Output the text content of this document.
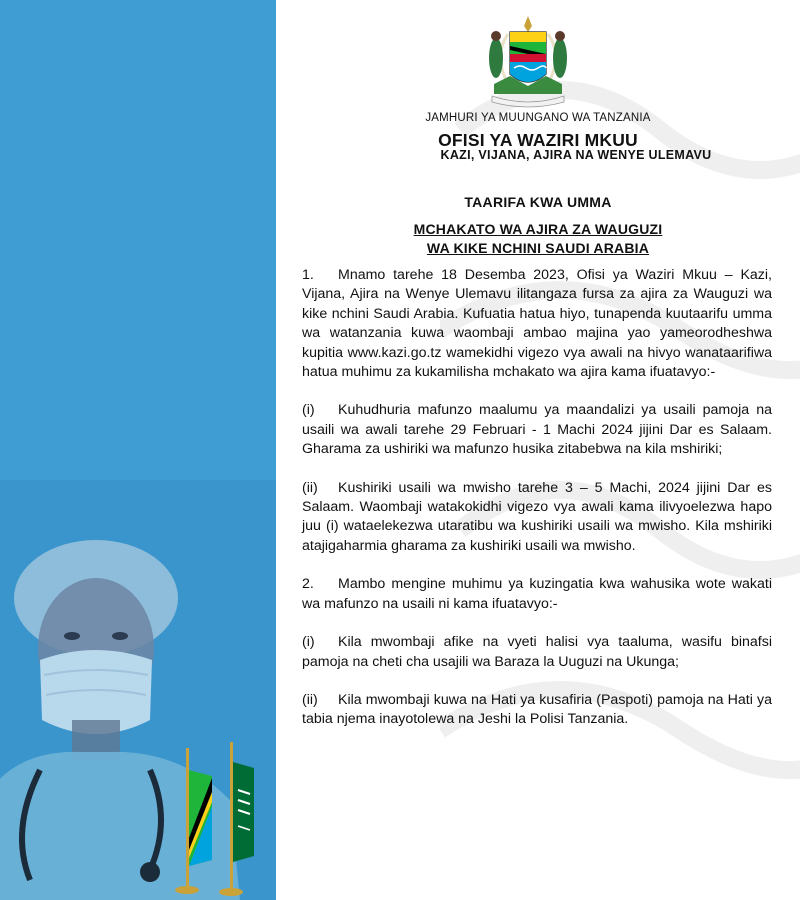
JAMHURI YA MUUNGANO WA TANZANIA
OFISI YA WAZIRI MKUU
KAZI, VIJANA, AJIRA NA WENYE ULEMAVU
TAARIFA KWA UMMA
MCHAKATO WA AJIRA ZA WAUGUZI
WA KIKE NCHINI SAUDI ARABIA

1. Mnamo tarehe 18 Desemba 2023, Ofisi ya Waziri Mkuu – Kazi, Vijana, Ajira na Wenye Ulemavu ilitangaza fursa za ajira za Wauguzi wa kike nchini Saudi Arabia. Kufuatia hatua hiyo, tunapenda kuutaarifu umma wa watanzania kuwa waombaji ambao majina yao yameorodheshwa kupitia www.kazi.go.tz wamekidhi vigezo vya awali na hivyo wanataarifiwa hatua muhimu za kukamilisha mchakato wa ajira kama ifuatavyo:-

(i) Kuhudhuria mafunzo maalumu ya maandalizi ya usaili pamoja na usaili wa awali tarehe 29 Februari - 1 Machi 2024 jijini Dar es Salaam. Gharama za ushiriki wa mafunzo husika zitabebwa na kila mshiriki;

(ii) Kushiriki usaili wa mwisho tarehe 3 – 5 Machi, 2024 jijini Dar es Salaam. Waombaji watakokidhi vigezo vya awali kama ilivyoelezwa hapo juu (i) wataelekezwa utaratibu wa kushiriki usaili wa mwisho. Kila mshiriki atajigaharmia gharama za kushiriki usaili wa mwisho.

2. Mambo mengine muhimu ya kuzingatia kwa wahusika wote wakati wa mafunzo na usaili ni kama ifuatavyo:-

(i) Kila mwombaji afike na vyeti halisi vya taaluma, wasifu binafsi pamoja na cheti cha usajili wa Baraza la Uuguzi na Ukunga;

(ii) Kila mwombaji kuwa na Hati ya kusafiria (Paspoti) pamoja na Hati ya tabia njema inayotolewa na Jeshi la Polisi Tanzania.
